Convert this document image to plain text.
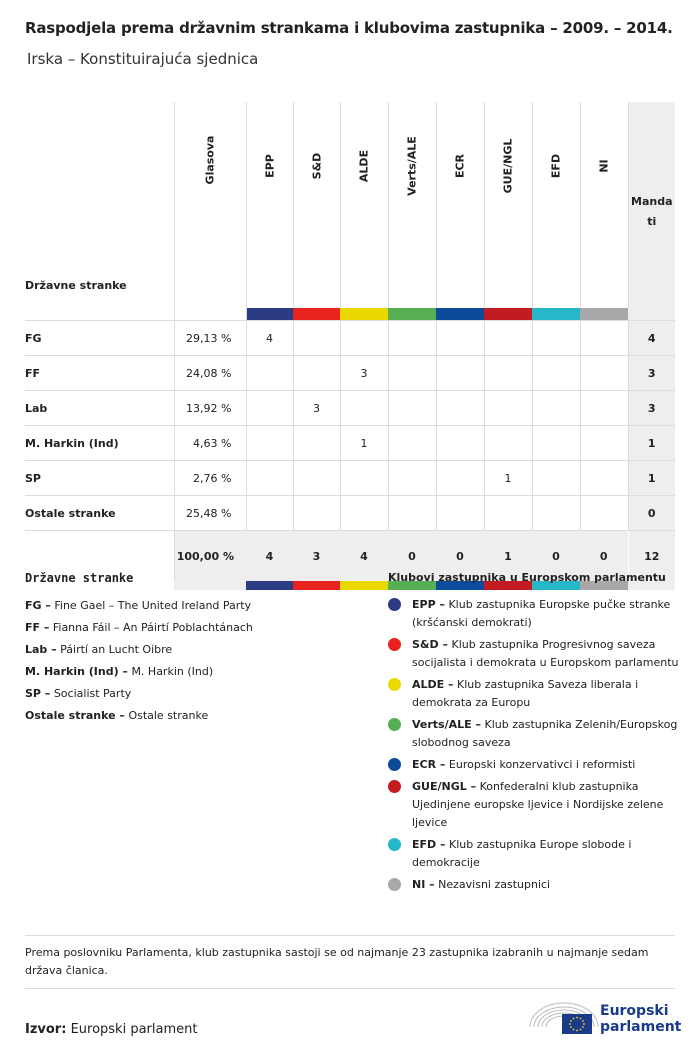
Raspodjela prema državnim strankama i klubovima zastupnika – 2009. – 2014.
Irska – Konstituirajuća sjednica
Državne stranke	Glasova	EPP	S&D	ALDE	Verts/ALE	ECR	GUE/NGL	EFD	NI	Mandati

FG	29,13 %	4								4
FF	24,08 %			3						3
Lab	13,92 %		3							3
M. Harkin (Ind)	4,63 %			1						1
SP	2,76 %						1			1
Ostale stranke	25,48 %									0
	100,00 %	4	3	4	0	0	1	0	0	12

Državne stranke
FG – Fine Gael – The United Ireland Party
FF – Fianna Fáil – An Páirtí Poblachtánach
Lab – Páirtí an Lucht Oibre
M. Harkin (Ind) – M. Harkin (Ind)
SP – Socialist Party
Ostale stranke – Ostale stranke
Klubovi zastupnika u Europskom parlamentu
EPP – Klub zastupnika Europske pučke stranke (kršćanski demokrati)
S&D – Klub zastupnika Progresivnog saveza socijalista i demokrata u Europskom parlamentu
ALDE – Klub zastupnika Saveza liberala i demokrata za Europu
Verts/ALE – Klub zastupnika Zelenih/Europskog slobodnog saveza
ECR – Europski konzervativci i reformisti
GUE/NGL – Konfederalni klub zastupnika Ujedinjene europske ljevice i Nordijske zelene ljevice
EFD – Klub zastupnika Europe slobode i demokracije
NI – Nezavisni zastupnici
Prema poslovniku Parlamenta, klub zastupnika sastoji se od najmanje 23 zastupnika izabranih u najmanje sedam država članica.
Izvor: Europski parlament
Europski
parlament
